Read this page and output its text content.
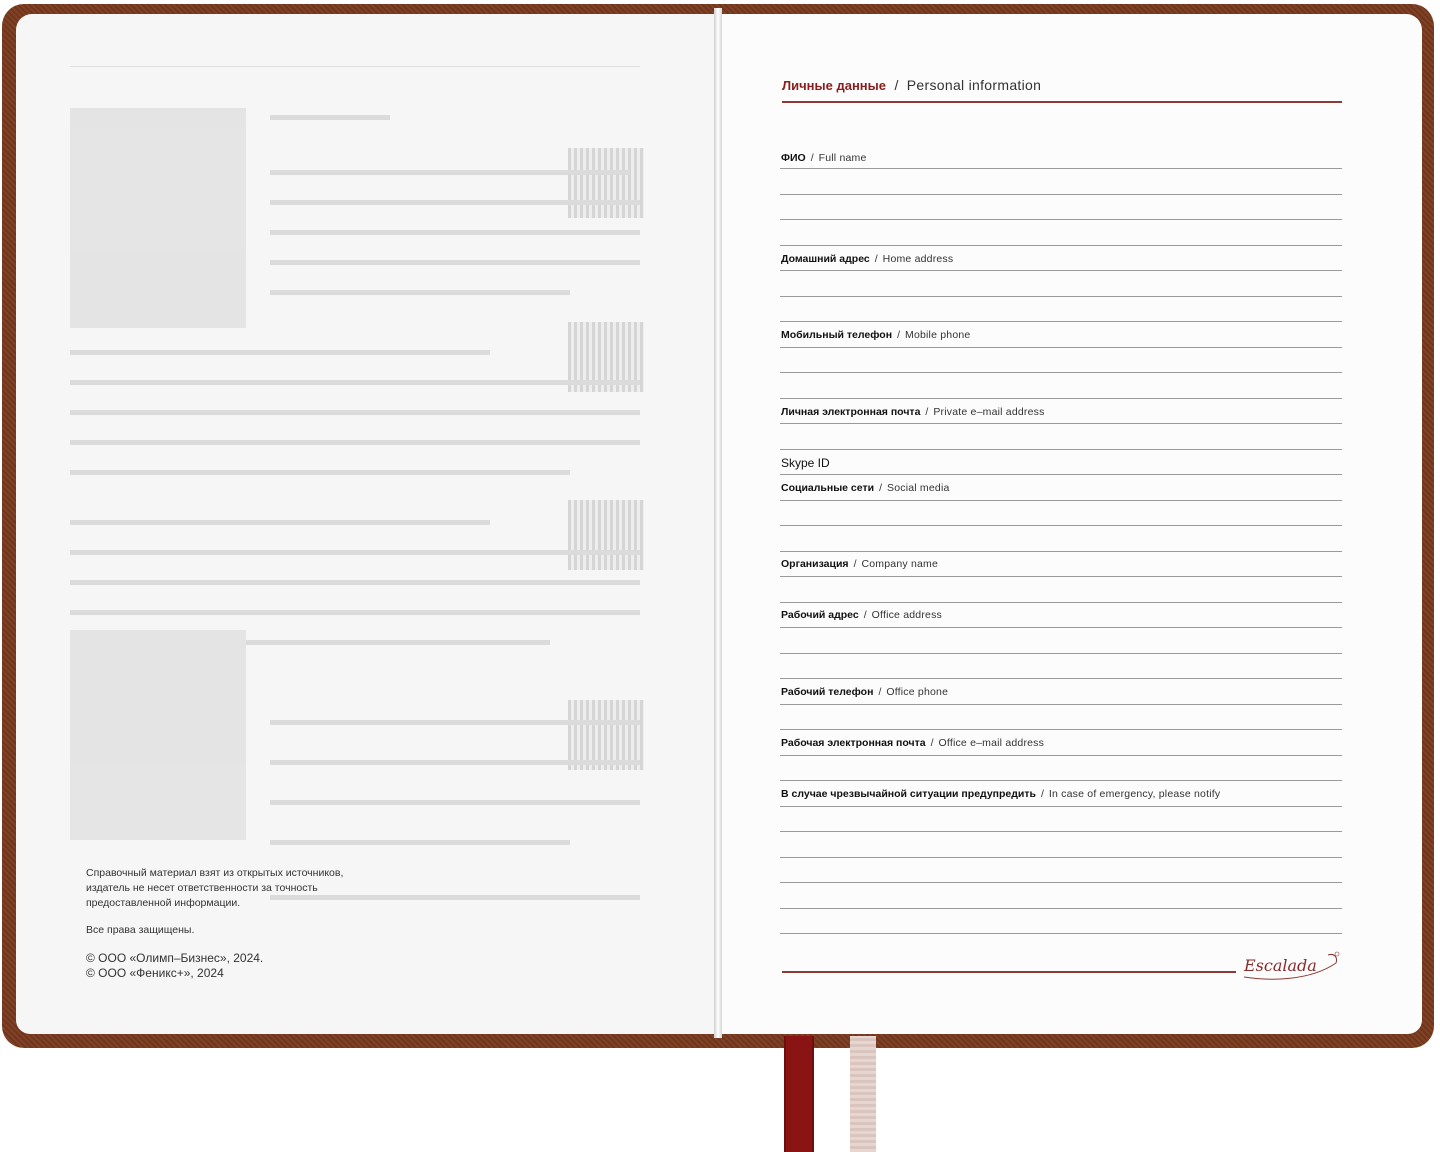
Справочный материал взят из открытых источников,
издатель не несет ответственности за точность
предоставленной информации.
Все права защищены.
© ООО «Олимп–Бизнес», 2024.
© ООО «Феникс+», 2024
Личные данные / Personal information
ФИО / Full name
Домашний адрес / Home address
Мобильный телефон / Mobile phone
Личная электронная почта / Private e–mail address
Skype ID
Социальные сети / Social media
Организация / Company name
Рабочий адрес / Office address
Рабочий телефон / Office phone
Рабочая электронная почта / Office e–mail address
В случае чрезвычайной ситуации предупредить / In case of emergency, please notify
Escalada
